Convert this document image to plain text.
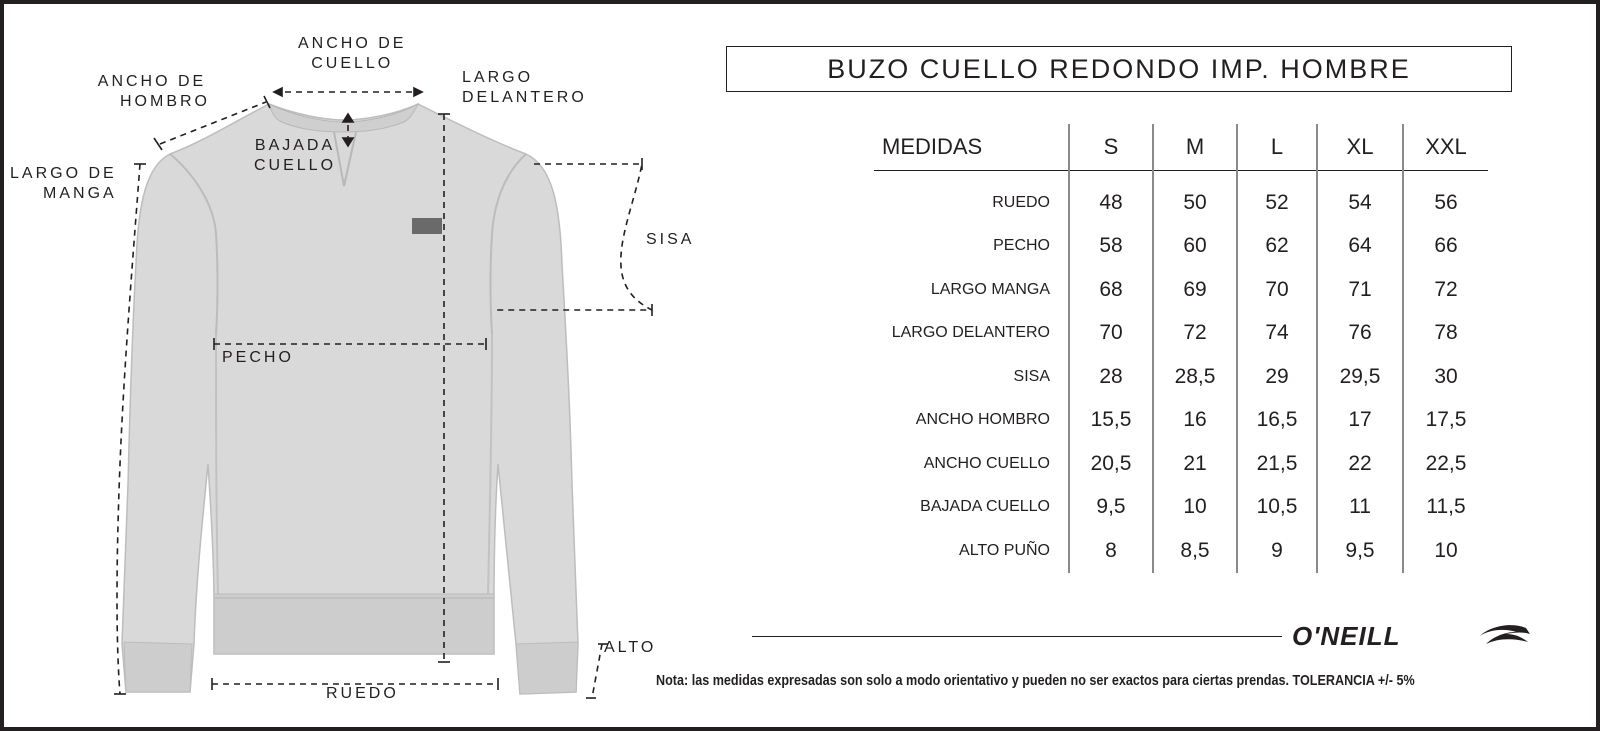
ANCHO DE
CUELLO
ANCHO DE
HOMBRO
LARGO
DELANTERO
BAJADA
CUELLO
LARGO DE
MANGA
SISA
PECHO
ALTO
RUEDO
BUZO CUELLO REDONDO IMP. HOMBRE
MEDIDAS	S	M	L	XL	XXL
RUEDO	48	50	52	54	56
PECHO	58	60	62	64	66
LARGO MANGA	68	69	70	71	72
LARGO DELANTERO	70	72	74	76	78
SISA	28	28,5	29	29,5	30
ANCHO HOMBRO	15,5	16	16,5	17	17,5
ANCHO CUELLO	20,5	21	21,5	22	22,5
BAJADA CUELLO	9,5	10	10,5	11	11,5
ALTO PUÑO	8	8,5	9	9,5	10
O'NEILL
Nota: las medidas expresadas son solo a modo orientativo y pueden no ser exactos para ciertas prendas. TOLERANCIA +/- 5%
